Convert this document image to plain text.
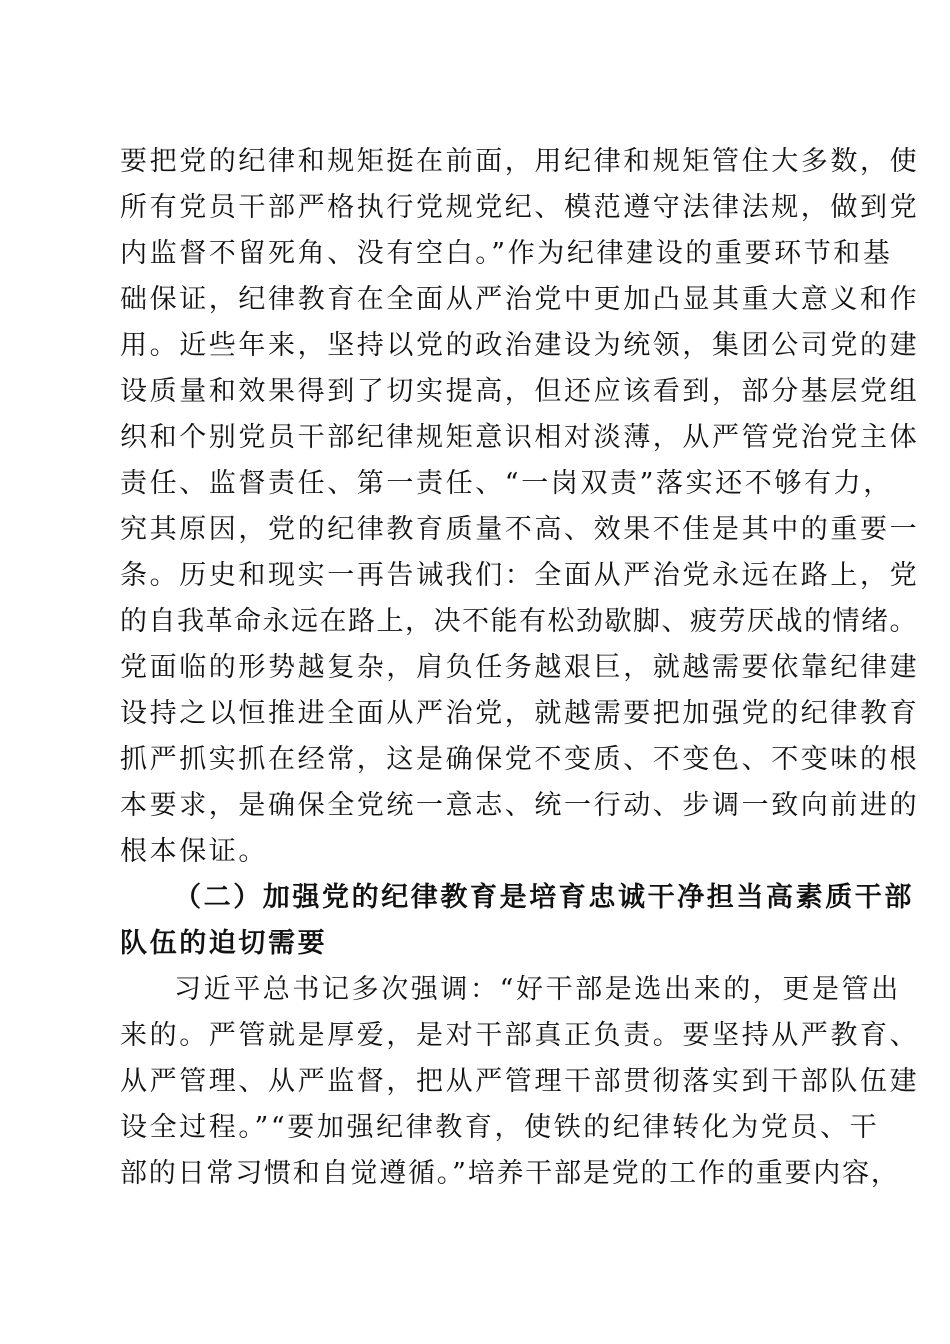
要把党的纪律和规矩挺在前面，用纪律和规矩管住大多数，使
所有党员干部严格执行党规党纪、模范遵守法律法规，做到党
内监督不留死角、没有空白。”作为纪律建设的重要环节和基
础保证，纪律教育在全面从严治党中更加凸显其重大意义和作
用。近些年来，坚持以党的政治建设为统领，集团公司党的建
设质量和效果得到了切实提高，但还应该看到，部分基层党组
织和个别党员干部纪律规矩意识相对淡薄，从严管党治党主体
责任、监督责任、第一责任、“一岗双责”落实还不够有力，
究其原因，党的纪律教育质量不高、效果不佳是其中的重要一
条。历史和现实一再告诫我们：全面从严治党永远在路上，党
的自我革命永远在路上，决不能有松劲歇脚、疲劳厌战的情绪。
党面临的形势越复杂，肩负任务越艰巨，就越需要依靠纪律建
设持之以恒推进全面从严治党，就越需要把加强党的纪律教育
抓严抓实抓在经常，这是确保党不变质、不变色、不变味的根
本要求，是确保全党统一意志、统一行动、步调一致向前进的
根本保证。
（二）加强党的纪律教育是培育忠诚干净担当高素质干部
队伍的迫切需要
习近平总书记多次强调：“好干部是选出来的，更是管出
来的。严管就是厚爱，是对干部真正负责。要坚持从严教育、
从严管理、从严监督，把从严管理干部贯彻落实到干部队伍建
设全过程。”“要加强纪律教育，使铁的纪律转化为党员、干
部的日常习惯和自觉遵循。”培养干部是党的工作的重要内容，
